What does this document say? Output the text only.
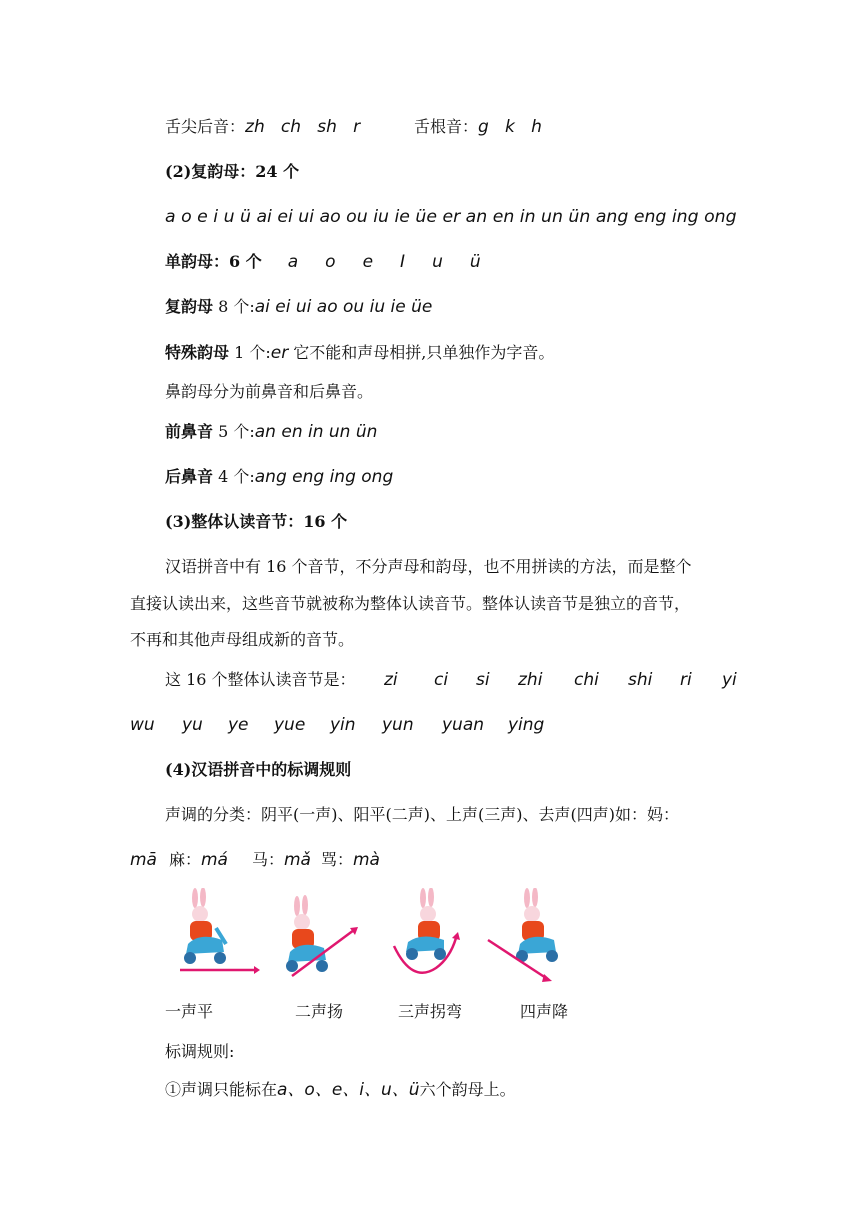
舌尖后音：zh   ch   sh   r	舌根音：g   k   h
(2)复韵母：24 个
a o e i u ü ai ei ui ao ou iu ie üe er an en in un ün ang eng ing ong
单韵母：6 个 a     o     e     I     u     ü
复韵母 8 个:ai ei ui ao ou iu ie üe
特殊韵母 1 个:er 它不能和声母相拼,只单独作为字音。
鼻韵母分为前鼻音和后鼻音。
前鼻音 5 个:an en in un ün
后鼻音 4 个:ang eng ing ong
(3)整体认读音节：16 个
汉语拼音中有 16 个音节，不分声母和韵母，也不用拼读的方法，而是整个
直接认读出来，这些音节就被称为整体认读音节。整体认读音节是独立的音节，
不再和其他声母组成新的音节。
这 16 个整体认读音节是： zi ci si zhi chi shi ri yi
wu yu ye yue yin yun yuan ying
(4)汉语拼音中的标调规则
声调的分类：阴平(一声)、阳平(二声)、上声(三声)、去声(四声)如：妈：
mā 麻：má 马：mǎ 骂：mà
一声平	二声扬	三声拐弯	四声降
标调规则:
①声调只能标在a、o、e、i、u、ü六个韵母上。
